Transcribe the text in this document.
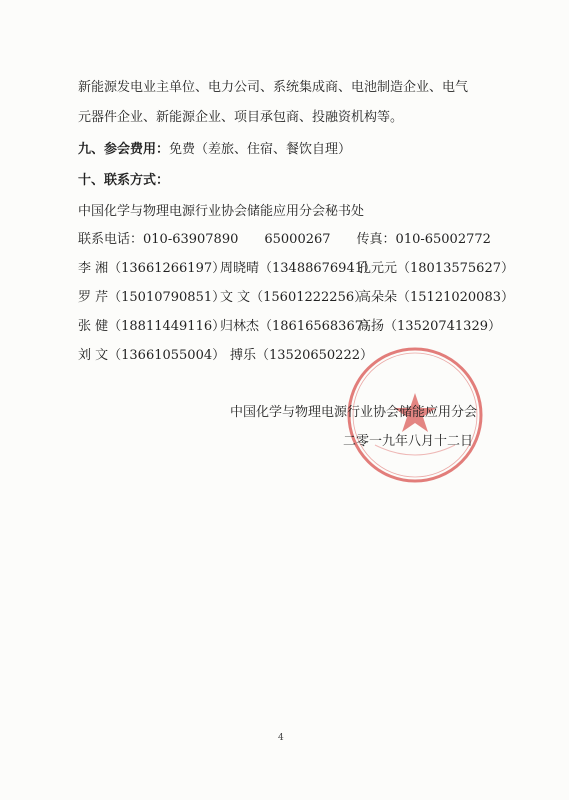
新能源发电业主单位、电力公司、系统集成商、电池制造企业、电气
元器件企业、新能源企业、项目承包商、投融资机构等。
九、参会费用：免费（差旅、住宿、餐饮自理）
十、联系方式：
中国化学与物理电源行业协会储能应用分会秘书处
联系电话：010-63907890　　65000267　　传真：010-65002772
李 湘（13661266197）周晓晴（13488676941）孔元元（18013575627）
罗 芹（15010790851）文 文（15601222256）高朵朵（15121020083）
张 健（18811449116）归林杰（18616568367）高扬（13520741329）
刘 文（13661055004） 搏乐（13520650222）
中国化学与物理电源行业协会储能应用分会
二零一九年八月十二日
4
